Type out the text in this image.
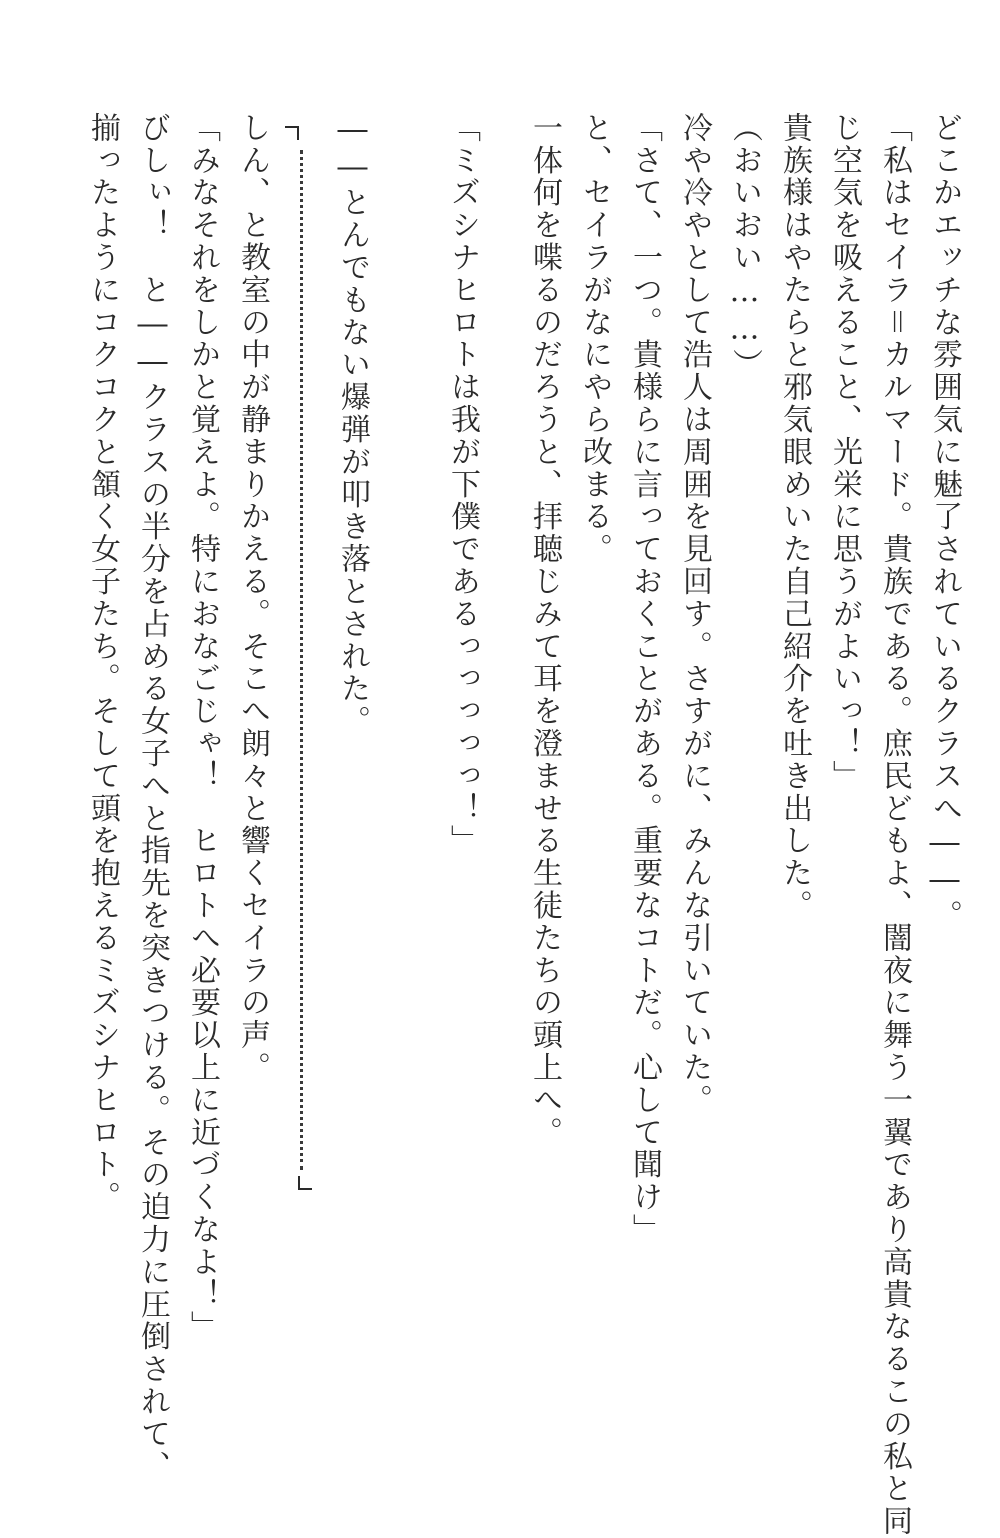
どこかエッチな雰囲気に魅了されているクラスへ――。
「私はセイラ＝カルマード。貴族である。庶民どもよ、闇夜に舞う一翼であり高貴なるこの私と同
じ空気を吸えること、光栄に思うがよいっ！」
貴族様はやたらと邪気眼めいた自己紹介を吐き出した。
（おいおい……）
冷や冷やとして浩人は周囲を見回す。さすがに、みんな引いていた。
「さて、一つ。貴様らに言っておくことがある。重要なコトだ。心して聞け」
と、セイラがなにやら改まる。
一体何を喋るのだろうと、拝聴じみて耳を澄ませる生徒たちの頭上へ。
「ミズシナヒロトは我が下僕であるっっっっっ！」
――とんでもない爆弾が叩き落とされた。
しん、と教室の中が静まりかえる。そこへ朗々と響くセイラの声。
「みなそれをしかと覚えよ。特におなごじゃ！　ヒロトへ必要以上に近づくなよ！」
びしぃ！　と――クラスの半分を占める女子へと指先を突きつける。その迫力に圧倒されて、
揃ったようにコクコクと頷く女子たち。そして頭を抱えるミズシナヒロト。
